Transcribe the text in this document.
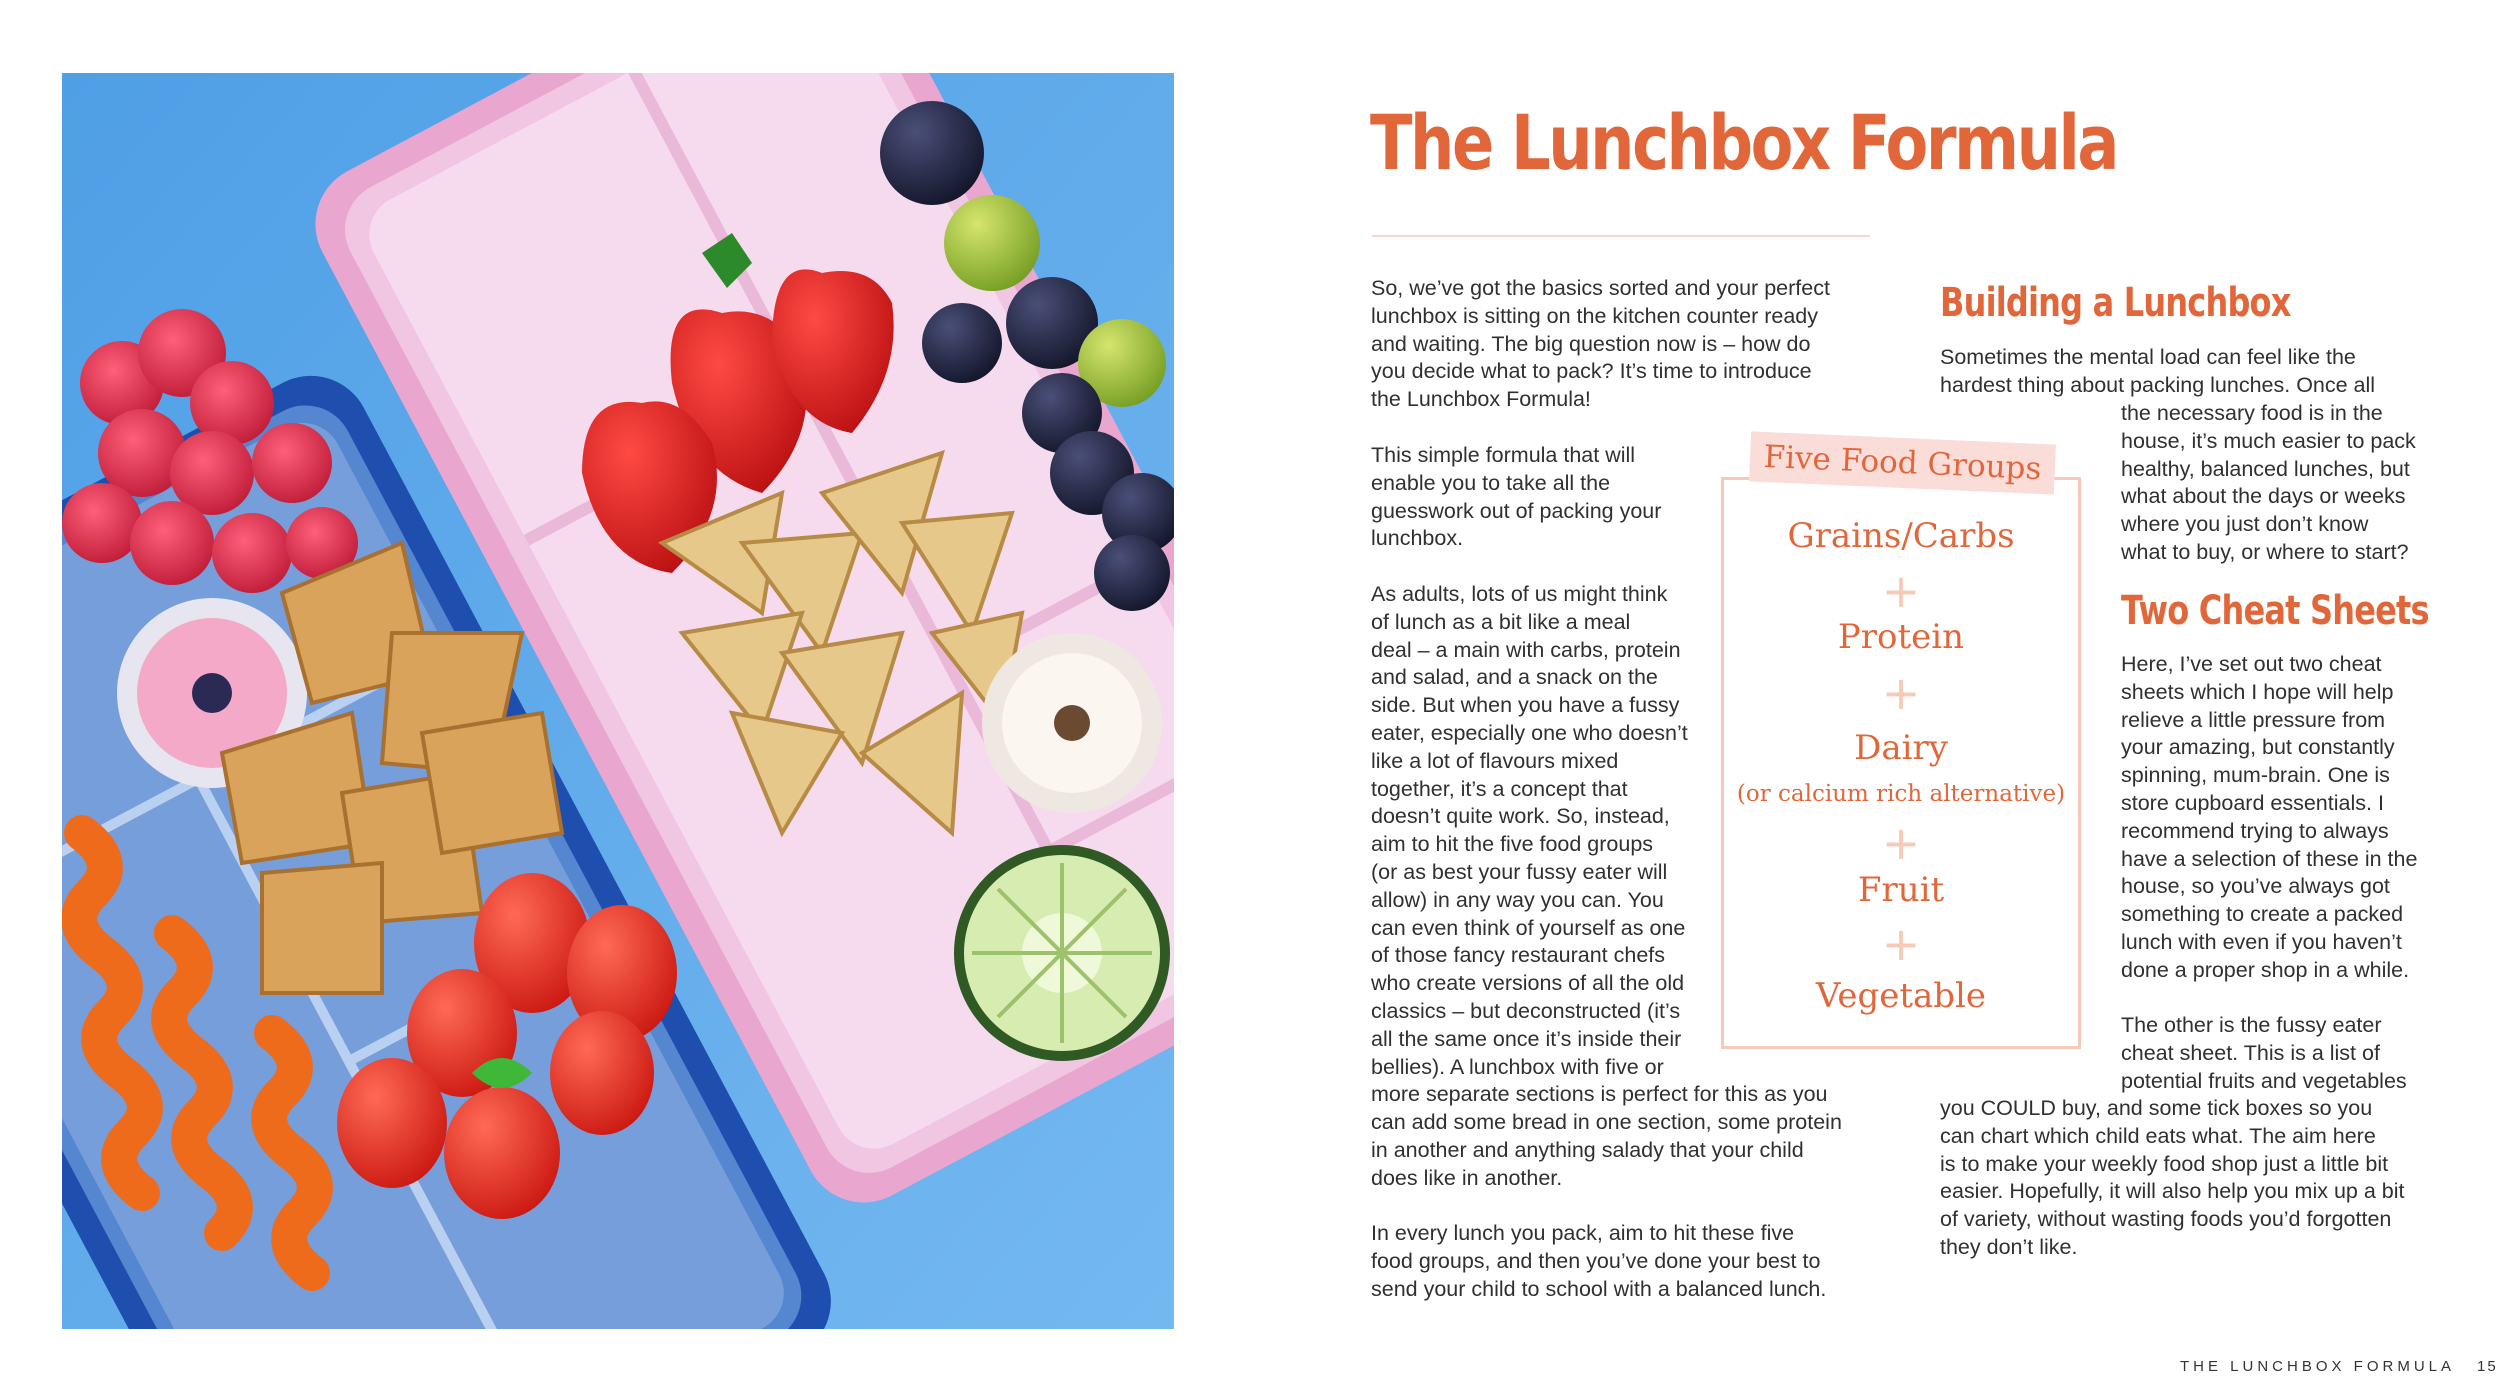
The Lunchbox Formula
So, we’ve got the basics sorted and your perfect
lunchbox is sitting on the kitchen counter ready
and waiting. The big question now is – how do
you decide what to pack? It’s time to introduce
the Lunchbox Formula!
This simple formula that will
enable you to take all the
guesswork out of packing your
lunchbox.
As adults, lots of us might think
of lunch as a bit like a meal
deal – a main with carbs, protein
and salad, and a snack on the
side. But when you have a fussy
eater, especially one who doesn’t
like a lot of flavours mixed
together, it’s a concept that
doesn’t quite work. So, instead,
aim to hit the five food groups
(or as best your fussy eater will
allow) in any way you can. You
can even think of yourself as one
of those fancy restaurant chefs
who create versions of all the old
classics – but deconstructed (it’s
all the same once it’s inside their
bellies). A lunchbox with five or
more separate sections is perfect for this as you
can add some bread in one section, some protein
in another and anything salady that your child
does like in another.
In every lunch you pack, aim to hit these five
food groups, and then you’ve done your best to
send your child to school with a balanced lunch.
Five Food Groups
Grains/Carbs
+
Protein
+
Dairy
(or calcium rich alternative)
+
Fruit
+
Vegetable
Building a Lunchbox
Sometimes the mental load can feel like the
hardest thing about packing lunches. Once all
the necessary food is in the
house, it’s much easier to pack
healthy, balanced lunches, but
what about the days or weeks
where you just don’t know
what to buy, or where to start?
Two Cheat Sheets
Here, I’ve set out two cheat
sheets which I hope will help
relieve a little pressure from
your amazing, but constantly
spinning, mum-brain. One is
store cupboard essentials. I
recommend trying to always
have a selection of these in the
house, so you’ve always got
something to create a packed
lunch with even if you haven’t
done a proper shop in a while.
The other is the fussy eater
cheat sheet. This is a list of
potential fruits and vegetables
you COULD buy, and some tick boxes so you
can chart which child eats what. The aim here
is to make your weekly food shop just a little bit
easier. Hopefully, it will also help you mix up a bit
of variety, without wasting foods you’d forgotten
they don’t like.
THE LUNCHBOX FORMULA 15
